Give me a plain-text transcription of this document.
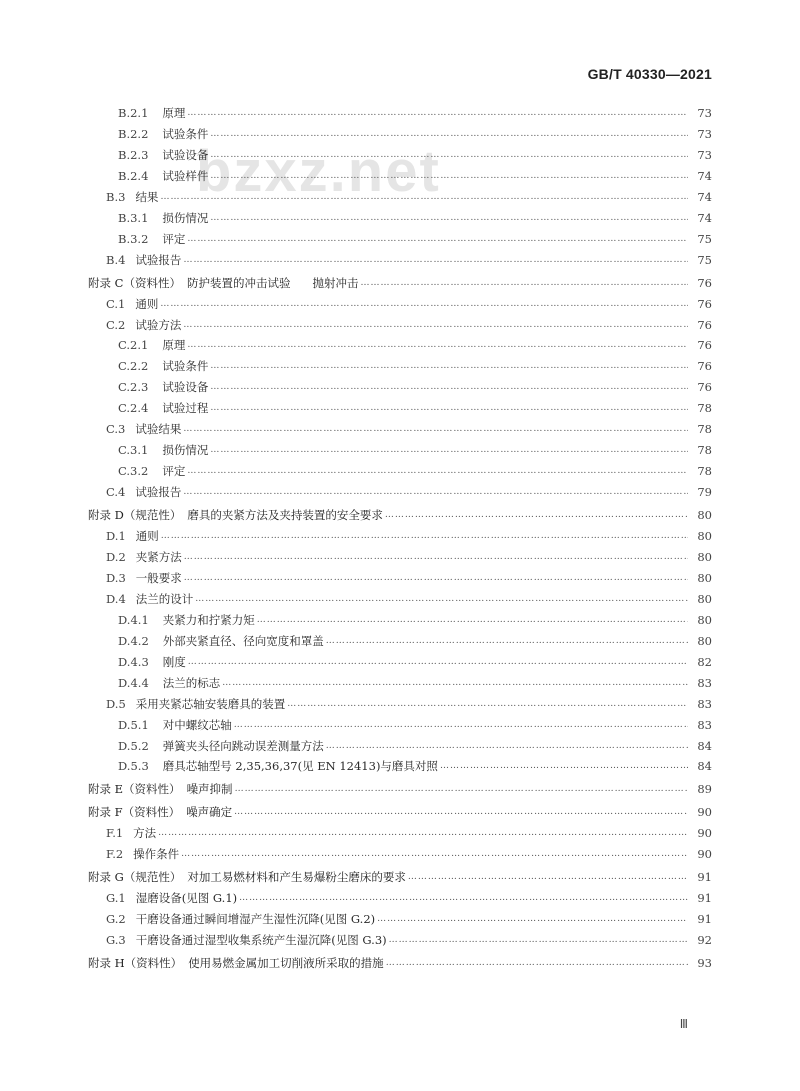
GB/T 40330—2021
bzxz.net
B.2.1 原理 ………………………………………………………………………………………………………………………………………………………………………………………………………………………………	73
B.2.2 试验条件 ………………………………………………………………………………………………………………………………………………………………………………………………………………………………	73
B.2.3 试验设备 ………………………………………………………………………………………………………………………………………………………………………………………………………………………………	73
B.2.4 试验样件 ………………………………………………………………………………………………………………………………………………………………………………………………………………………………	74
B.3 结果 ………………………………………………………………………………………………………………………………………………………………………………………………………………………………	74
B.3.1 损伤情况 ………………………………………………………………………………………………………………………………………………………………………………………………………………………………	74
B.3.2 评定 ………………………………………………………………………………………………………………………………………………………………………………………………………………………………	75
B.4 试验报告 ………………………………………………………………………………………………………………………………………………………………………………………………………………………………	75
附录 C（资料性） 防护装置的冲击试验 抛射冲击 ………………………………………………………………………………………………………………………………………………………………………………………………………………………………	76
C.1 通则 ………………………………………………………………………………………………………………………………………………………………………………………………………………………………	76
C.2 试验方法 ………………………………………………………………………………………………………………………………………………………………………………………………………………………………	76
C.2.1 原理 ………………………………………………………………………………………………………………………………………………………………………………………………………………………………	76
C.2.2 试验条件 ………………………………………………………………………………………………………………………………………………………………………………………………………………………………	76
C.2.3 试验设备 ………………………………………………………………………………………………………………………………………………………………………………………………………………………………	76
C.2.4 试验过程 ………………………………………………………………………………………………………………………………………………………………………………………………………………………………	78
C.3 试验结果 ………………………………………………………………………………………………………………………………………………………………………………………………………………………………	78
C.3.1 损伤情况 ………………………………………………………………………………………………………………………………………………………………………………………………………………………………	78
C.3.2 评定 ………………………………………………………………………………………………………………………………………………………………………………………………………………………………	78
C.4 试验报告 ………………………………………………………………………………………………………………………………………………………………………………………………………………………………	79
附录 D（规范性） 磨具的夹紧方法及夹持装置的安全要求 ………………………………………………………………………………………………………………………………………………………………………………………………………………………………	80
D.1 通则 ………………………………………………………………………………………………………………………………………………………………………………………………………………………………	80
D.2 夹紧方法 ………………………………………………………………………………………………………………………………………………………………………………………………………………………………	80
D.3 一般要求 ………………………………………………………………………………………………………………………………………………………………………………………………………………………………	80
D.4 法兰的设计 ………………………………………………………………………………………………………………………………………………………………………………………………………………………………	80
D.4.1 夹紧力和拧紧力矩 ………………………………………………………………………………………………………………………………………………………………………………………………………………………………	80
D.4.2 外部夹紧直径、径向宽度和罩盖 ………………………………………………………………………………………………………………………………………………………………………………………………………………………………	80
D.4.3 刚度 ………………………………………………………………………………………………………………………………………………………………………………………………………………………………	82
D.4.4 法兰的标志 ………………………………………………………………………………………………………………………………………………………………………………………………………………………………	83
D.5 采用夹紧芯轴安装磨具的装置 ………………………………………………………………………………………………………………………………………………………………………………………………………………………………	83
D.5.1 对中螺纹芯轴 ………………………………………………………………………………………………………………………………………………………………………………………………………………………………	83
D.5.2 弹簧夹头径向跳动误差测量方法 ………………………………………………………………………………………………………………………………………………………………………………………………………………………………	84
D.5.3 磨具芯轴型号 2,35,36,37(见 EN 12413)与磨具对照 ………………………………………………………………………………………………………………………………………………………………………………………………………………………………	84
附录 E（资料性） 噪声抑制 ………………………………………………………………………………………………………………………………………………………………………………………………………………………………	89
附录 F（资料性） 噪声确定 ………………………………………………………………………………………………………………………………………………………………………………………………………………………………	90
F.1 方法 ………………………………………………………………………………………………………………………………………………………………………………………………………………………………	90
F.2 操作条件 ………………………………………………………………………………………………………………………………………………………………………………………………………………………………	90
附录 G（规范性） 对加工易燃材料和产生易爆粉尘磨床的要求 ………………………………………………………………………………………………………………………………………………………………………………………………………………………………	91
G.1 湿磨设备(见图 G.1) ………………………………………………………………………………………………………………………………………………………………………………………………………………………………	91
G.2 干磨设备通过瞬间增湿产生湿性沉降(见图 G.2) ………………………………………………………………………………………………………………………………………………………………………………………………………………………………	91
G.3 干磨设备通过湿型收集系统产生湿沉降(见图 G.3) ………………………………………………………………………………………………………………………………………………………………………………………………………………………………	92
附录 H（资料性） 使用易燃金属加工切削液所采取的措施 ………………………………………………………………………………………………………………………………………………………………………………………………………………………………	93
Ⅲ
